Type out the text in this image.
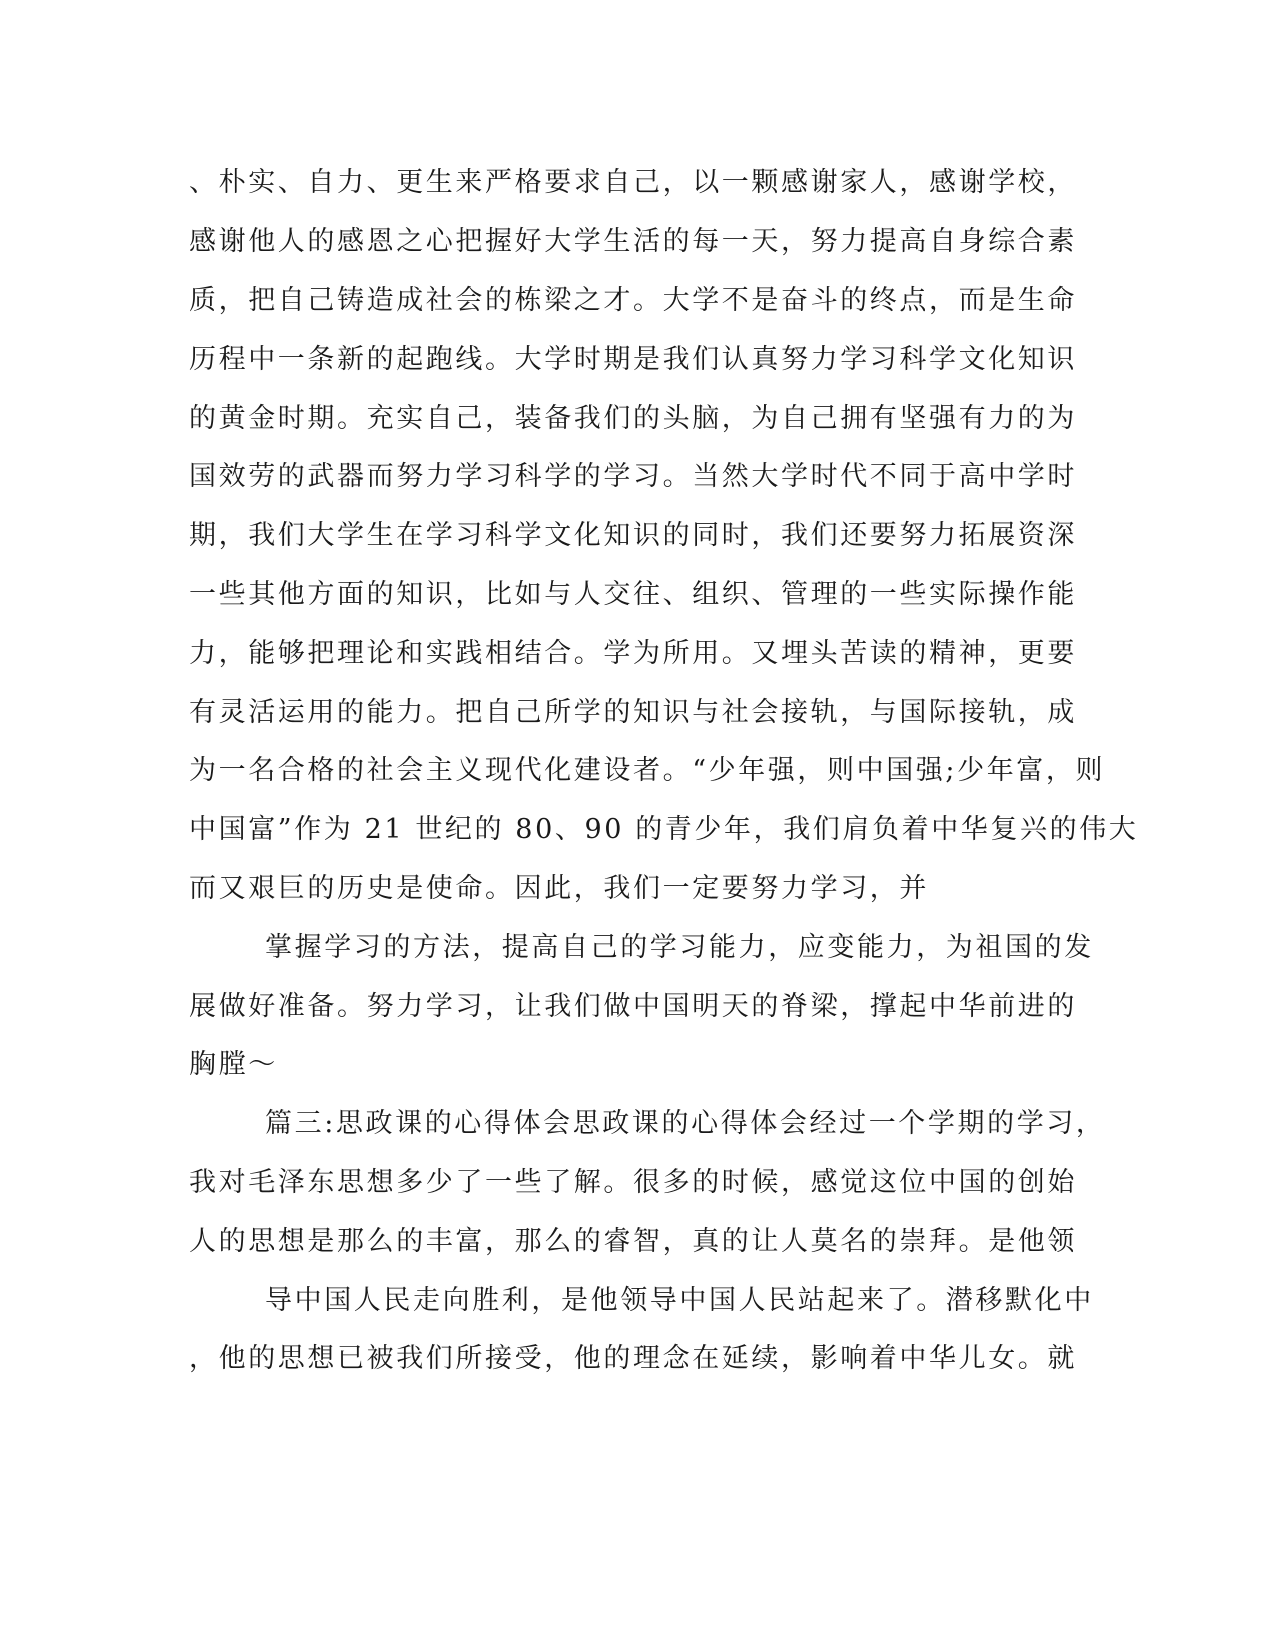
、朴实、自力、更生来严格要求自己，以一颗感谢家人，感谢学校，
感谢他人的感恩之心把握好大学生活的每一天，努力提高自身综合素
质，把自己铸造成社会的栋梁之才。大学不是奋斗的终点，而是生命
历程中一条新的起跑线。大学时期是我们认真努力学习科学文化知识
的黄金时期。充实自己，装备我们的头脑，为自己拥有坚强有力的为
国效劳的武器而努力学习科学的学习。当然大学时代不同于高中学时
期，我们大学生在学习科学文化知识的同时，我们还要努力拓展资深
一些其他方面的知识，比如与人交往、组织、管理的一些实际操作能
力，能够把理论和实践相结合。学为所用。又埋头苦读的精神，更要
有灵活运用的能力。把自己所学的知识与社会接轨，与国际接轨，成
为一名合格的社会主义现代化建设者。“少年强，则中国强;少年富，则
中国富”作为 21 世纪的 80、90 的青少年，我们肩负着中华复兴的伟大
而又艰巨的历史是使命。因此，我们一定要努力学习，并
掌握学习的方法，提高自己的学习能力，应变能力，为祖国的发
展做好准备。努力学习，让我们做中国明天的脊梁，撑起中华前进的
胸膛～
篇三:思政课的心得体会思政课的心得体会经过一个学期的学习，
我对毛泽东思想多少了一些了解。很多的时候，感觉这位中国的创始
人的思想是那么的丰富，那么的睿智，真的让人莫名的崇拜。是他领
导中国人民走向胜利，是他领导中国人民站起来了。潜移默化中
，他的思想已被我们所接受，他的理念在延续，影响着中华儿女。就
